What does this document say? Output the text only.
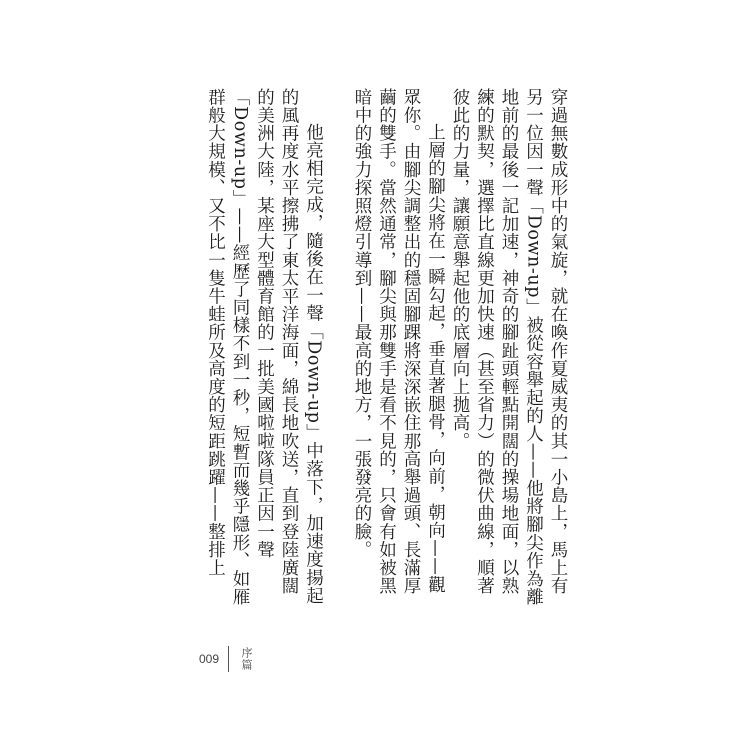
穿過無數成形中的氣旋，就在喚作夏威夷的其一小島上，馬上有另一位因一聲「Down-up」被從容舉起的人——他將腳尖作為離地前的最後一記加速，神奇的腳趾頭輕點開闊的操場地面，以熟練的默契，選擇比直線更加快速（甚至省力）的微伏曲線，順著彼此的力量，讓願意舉起他的底層向上拋高。

上層的腳尖將在一瞬勾起，垂直著腿骨，向前，朝向——觀眾你。由腳尖調整出的穩固腳踝將深深嵌住那高舉過頭、長滿厚繭的雙手。當然通常，腳尖與那雙手是看不見的，只會有如被黑暗中的強力探照燈引導到——最高的地方，一張發亮的臉。

他亮相完成，隨後在一聲「Down-up」中落下，加速度揚起的風再度水平擦拂了東太平洋海面，綿長地吹送，直到登陸廣闊的美洲大陸，某座大型體育館的一批美國啦啦隊員正因一聲「Down-up」——經歷了同樣不到一秒，短暫而幾乎隱形、如雁群般大規模、又不比一隻牛蛙所及高度的短距跳躍——整排上

009 序篇
